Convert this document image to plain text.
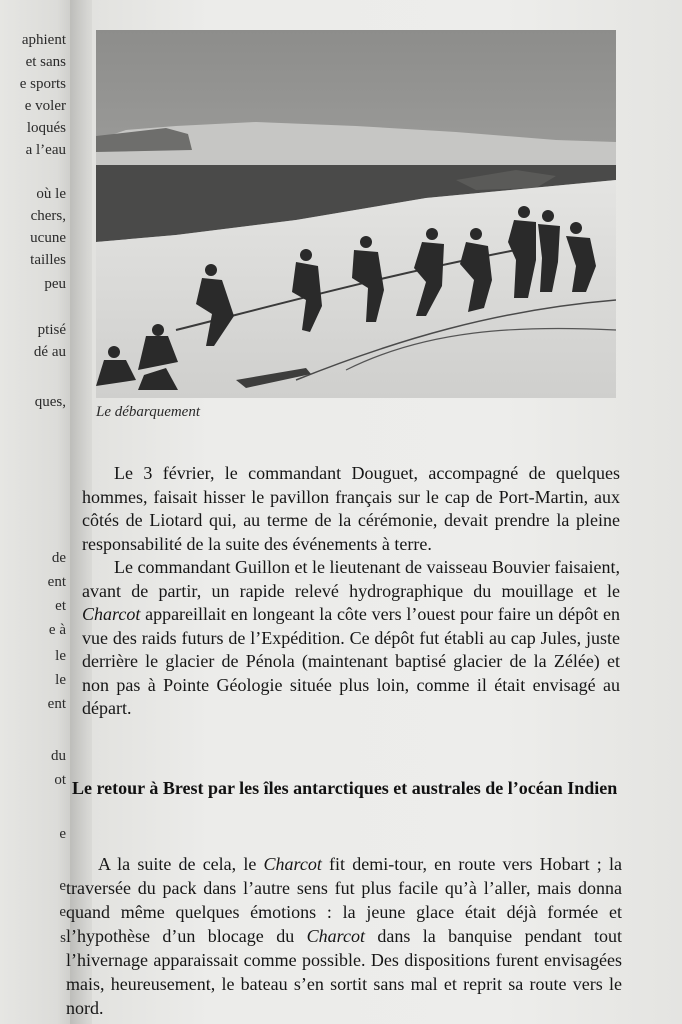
aphient
et sans
e sports
e voler
loqués
a l’eau
où le
chers,
ucune
tailles
peu
ptisé
dé au
ques,
de
ent
et
e à
le
le
ent
du
ot
e
e
e
s
Le débarquement

Le 3 février, le commandant Douguet, accompagné de quelques hommes, faisait hisser le pavillon français sur le cap de Port-Martin, aux côtés de Liotard qui, au terme de la cérémonie, devait prendre la pleine responsabilité de la suite des événements à terre.

Le commandant Guillon et le lieutenant de vaisseau Bouvier faisaient, avant de partir, un rapide relevé hydrographique du mouillage et le Charcot appareillait en longeant la côte vers l’ouest pour faire un dépôt en vue des raids futurs de l’Expédition. Ce dépôt fut établi au cap Jules, juste derrière le glacier de Pénola (maintenant baptisé glacier de la Zélée) et non pas à Pointe Géologie située plus loin, comme il était envisagé au départ.

Le retour à Brest par les îles antarctiques et australes de l’océan Indien

A la suite de cela, le Charcot fit demi-tour, en route vers Hobart ; la traversée du pack dans l’autre sens fut plus facile qu’à l’aller, mais donna quand même quelques émotions : la jeune glace était déjà formée et l’hypothèse d’un blocage du Charcot dans la banquise pendant tout l’hivernage apparaissait comme possible. Des dispositions furent envisagées mais, heureusement, le bateau s’en sortit sans mal et reprit sa route vers le nord.
